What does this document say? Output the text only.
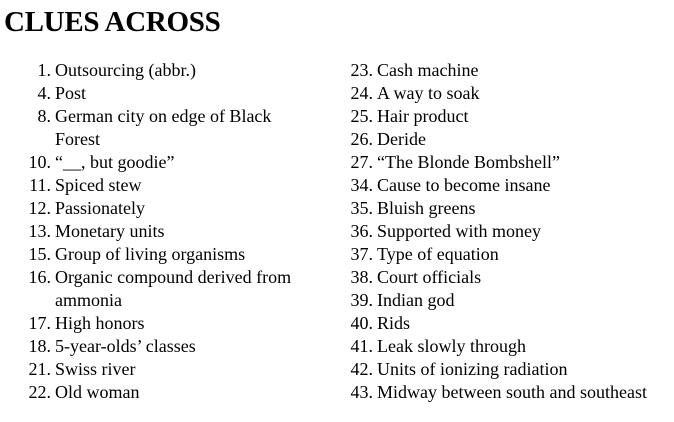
CLUES ACROSS
1. Outsourcing (abbr.)
4. Post
8. German city on edge of Black Forest
10. “__, but goodie”
11. Spiced stew
12. Passionately
13. Monetary units
15. Group of living organisms
16. Organic compound derived from ammonia
17. High honors
18. 5-year-olds’ classes
21. Swiss river
22. Old woman
23. Cash machine
24. A way to soak
25. Hair product
26. Deride
27. “The Blonde Bombshell”
34. Cause to become insane
35. Bluish greens
36. Supported with money
37. Type of equation
38. Court officials
39. Indian god
40. Rids
41. Leak slowly through
42. Units of ionizing radiation
43. Midway between south and southeast
